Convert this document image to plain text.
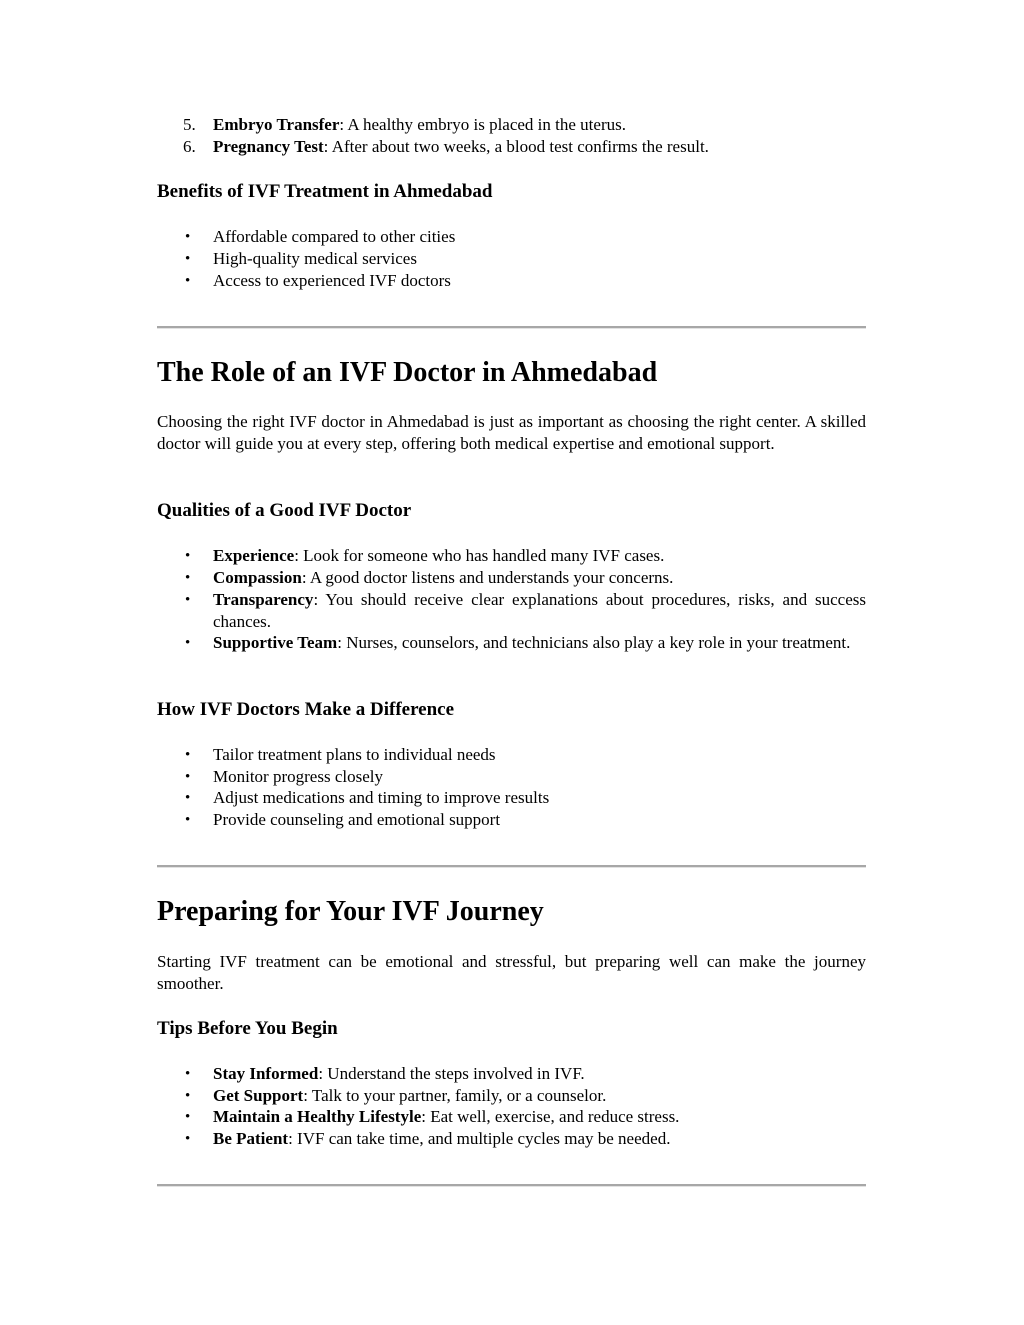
5. Embryo Transfer: A healthy embryo is placed in the uterus.
6. Pregnancy Test: After about two weeks, a blood test confirms the result.
Benefits of IVF Treatment in Ahmedabad
• Affordable compared to other cities
• High-quality medical services
• Access to experienced IVF doctors
The Role of an IVF Doctor in Ahmedabad

Choosing the right IVF doctor in Ahmedabad is just as important as choosing the right center. A skilled doctor will guide you at every step, offering both medical expertise and emotional support.

Qualities of a Good IVF Doctor
• Experience: Look for someone who has handled many IVF cases.
• Compassion: A good doctor listens and understands your concerns.
• Transparency: You should receive clear explanations about procedures, risks, and success chances.
• Supportive Team: Nurses, counselors, and technicians also play a key role in your treatment.
How IVF Doctors Make a Difference
• Tailor treatment plans to individual needs
• Monitor progress closely
• Adjust medications and timing to improve results
• Provide counseling and emotional support
Preparing for Your IVF Journey

Starting IVF treatment can be emotional and stressful, but preparing well can make the journey smoother.

Tips Before You Begin
• Stay Informed: Understand the steps involved in IVF.
• Get Support: Talk to your partner, family, or a counselor.
• Maintain a Healthy Lifestyle: Eat well, exercise, and reduce stress.
• Be Patient: IVF can take time, and multiple cycles may be needed.
